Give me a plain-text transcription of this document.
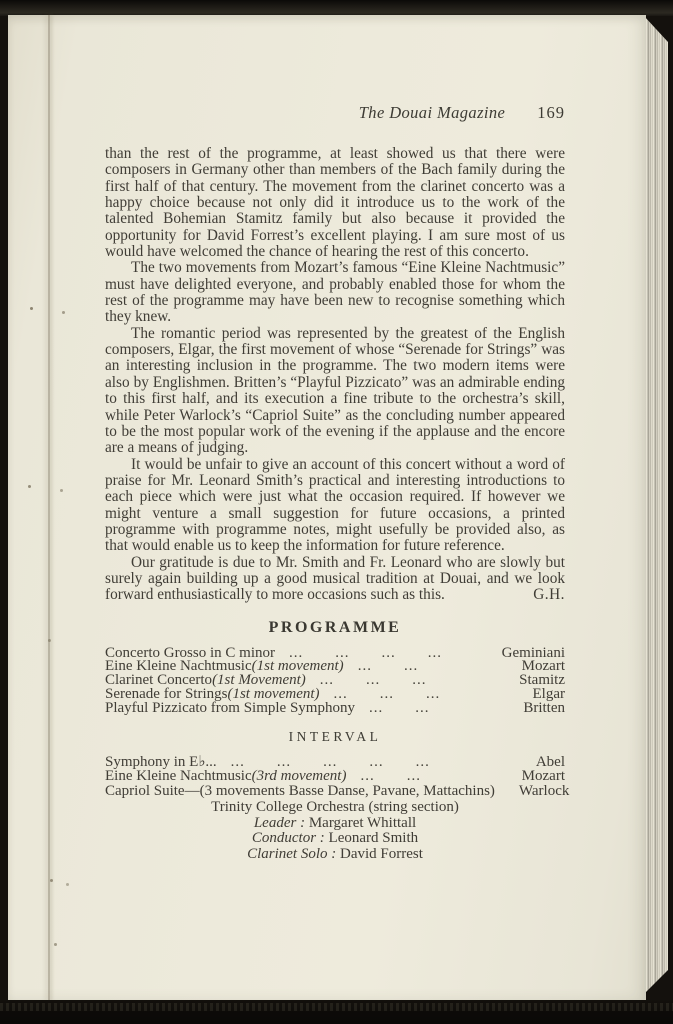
The Douai Magazine 169

than the rest of the programme, at least showed us that there were composers in Germany other than members of the Bach family during the first half of that century. The movement from the clarinet concerto was a happy choice because not only did it introduce us to the work of the talented Bohemian Stamitz family but also because it provided the opportunity for David Forrest’s excellent playing. I am sure most of us would have welcomed the chance of hearing the rest of this concerto.

The two movements from Mozart’s famous “Eine Kleine Nachtmusic” must have delighted everyone, and probably enabled those for whom the rest of the programme may have been new to recognise something which they knew.

The romantic period was represented by the greatest of the English composers, Elgar, the first movement of whose “Serenade for Strings” was an interesting inclusion in the programme. The two modern items were also by Englishmen. Britten’s “Playful Pizzicato” was an admirable ending to this first half, and its execution a fine tribute to the orchestra’s skill, while Peter Warlock’s “Capriol Suite” as the concluding number appeared to be the most popular work of the evening if the applause and the encore are a means of judging.

It would be unfair to give an account of this concert without a word of praise for Mr. Leonard Smith’s practical and interesting introductions to each piece which were just what the occasion required. If however we might venture a small suggestion for future occasions, a printed programme with programme notes, might usefully be provided also, as that would enable us to keep the information for future reference.

Our gratitude is due to Mr. Smith and Fr. Leonard who are slowly but surely again building up a good musical tradition at Douai, and we look forward enthusiastically to more occasions such as this.	G.H.

PROGRAMME
Concerto Grosso in C minor ...  ...  ...  ...	Geminiani
Eine Kleine Nachtmusic (1st movement) ...  ...	Mozart
Clarinet Concerto (1st Movement) ...  ...  ...	Stamitz
Serenade for Strings (1st movement) ...  ...  ...	Elgar
Playful Pizzicato from Simple Symphony ...  ...	Britten
INTERVAL
Symphony in E♭... ...  ...  ...  ...  ...	Abel
Eine Kleine Nachtmusic (3rd movement) ...  ...	Mozart
Capriol Suite—(3 movements Basse Danse, Pavane, Mattachins) Warlock
Trinity College Orchestra (string section)
Leader : Margaret Whittall
Conductor : Leonard Smith
Clarinet Solo : David Forrest
